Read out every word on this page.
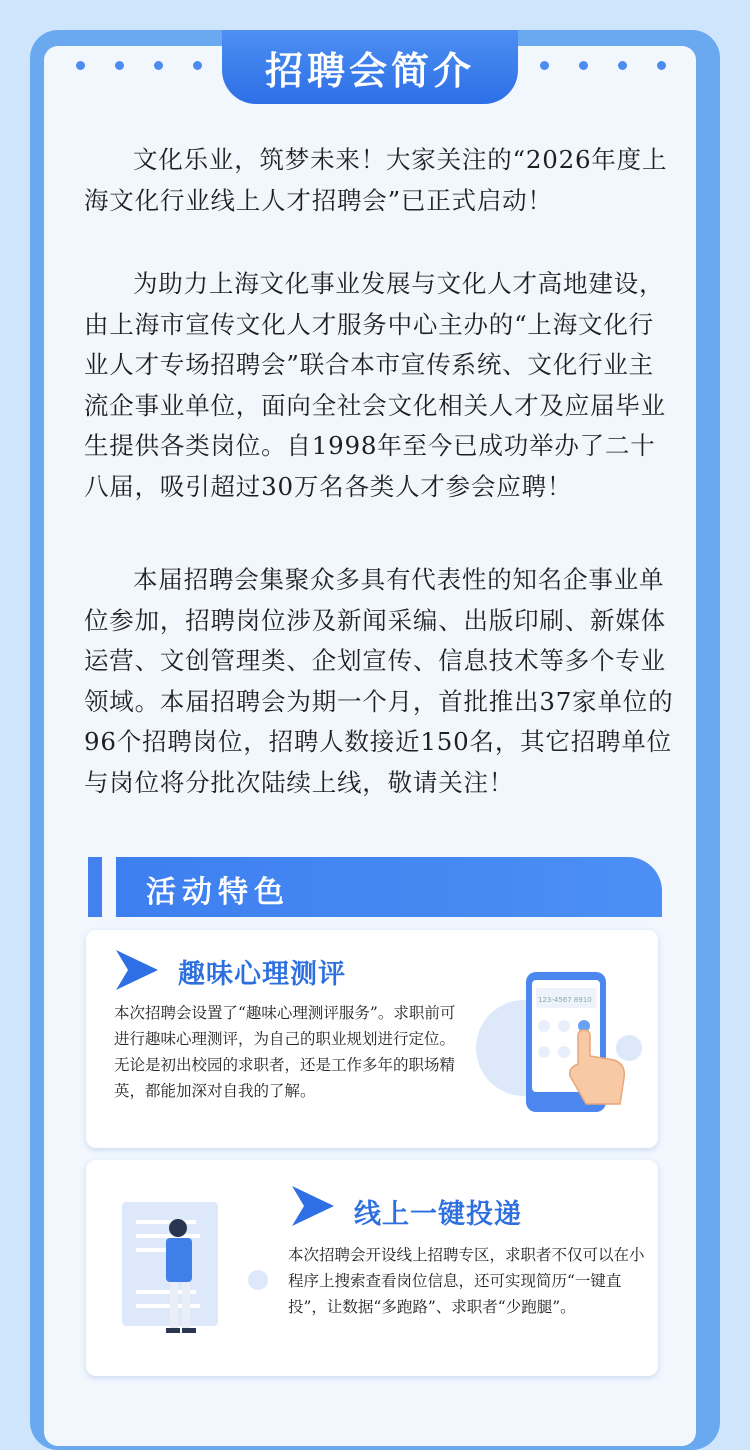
招聘会简介

文化乐业，筑梦未来！大家关注的“2026年度上海文化行业线上人才招聘会”已正式启动！

为助力上海文化事业发展与文化人才高地建设，由上海市宣传文化人才服务中心主办的“上海文化行业人才专场招聘会”联合本市宣传系统、文化行业主流企事业单位，面向全社会文化相关人才及应届毕业生提供各类岗位。自1998年至今已成功举办了二十八届，吸引超过30万名各类人才参会应聘！

本届招聘会集聚众多具有代表性的知名企事业单位参加，招聘岗位涉及新闻采编、出版印刷、新媒体运营、文创管理类、企划宣传、信息技术等多个专业领域。本届招聘会为期一个月，首批推出37家单位的96个招聘岗位，招聘人数接近150名，其它招聘单位与岗位将分批次陆续上线，敬请关注！

活动特色
趣味心理测评

本次招聘会设置了“趣味心理测评服务”。求职前可进行趣味心理测评，为自己的职业规划进行定位。无论是初出校园的求职者，还是工作多年的职场精英，都能加深对自我的了解。

123-4567 8910
线上一键投递

本次招聘会开设线上招聘专区，求职者不仅可以在小程序上搜索查看岗位信息，还可实现简历“一键直投”，让数据“多跑路”、求职者“少跑腿”。
